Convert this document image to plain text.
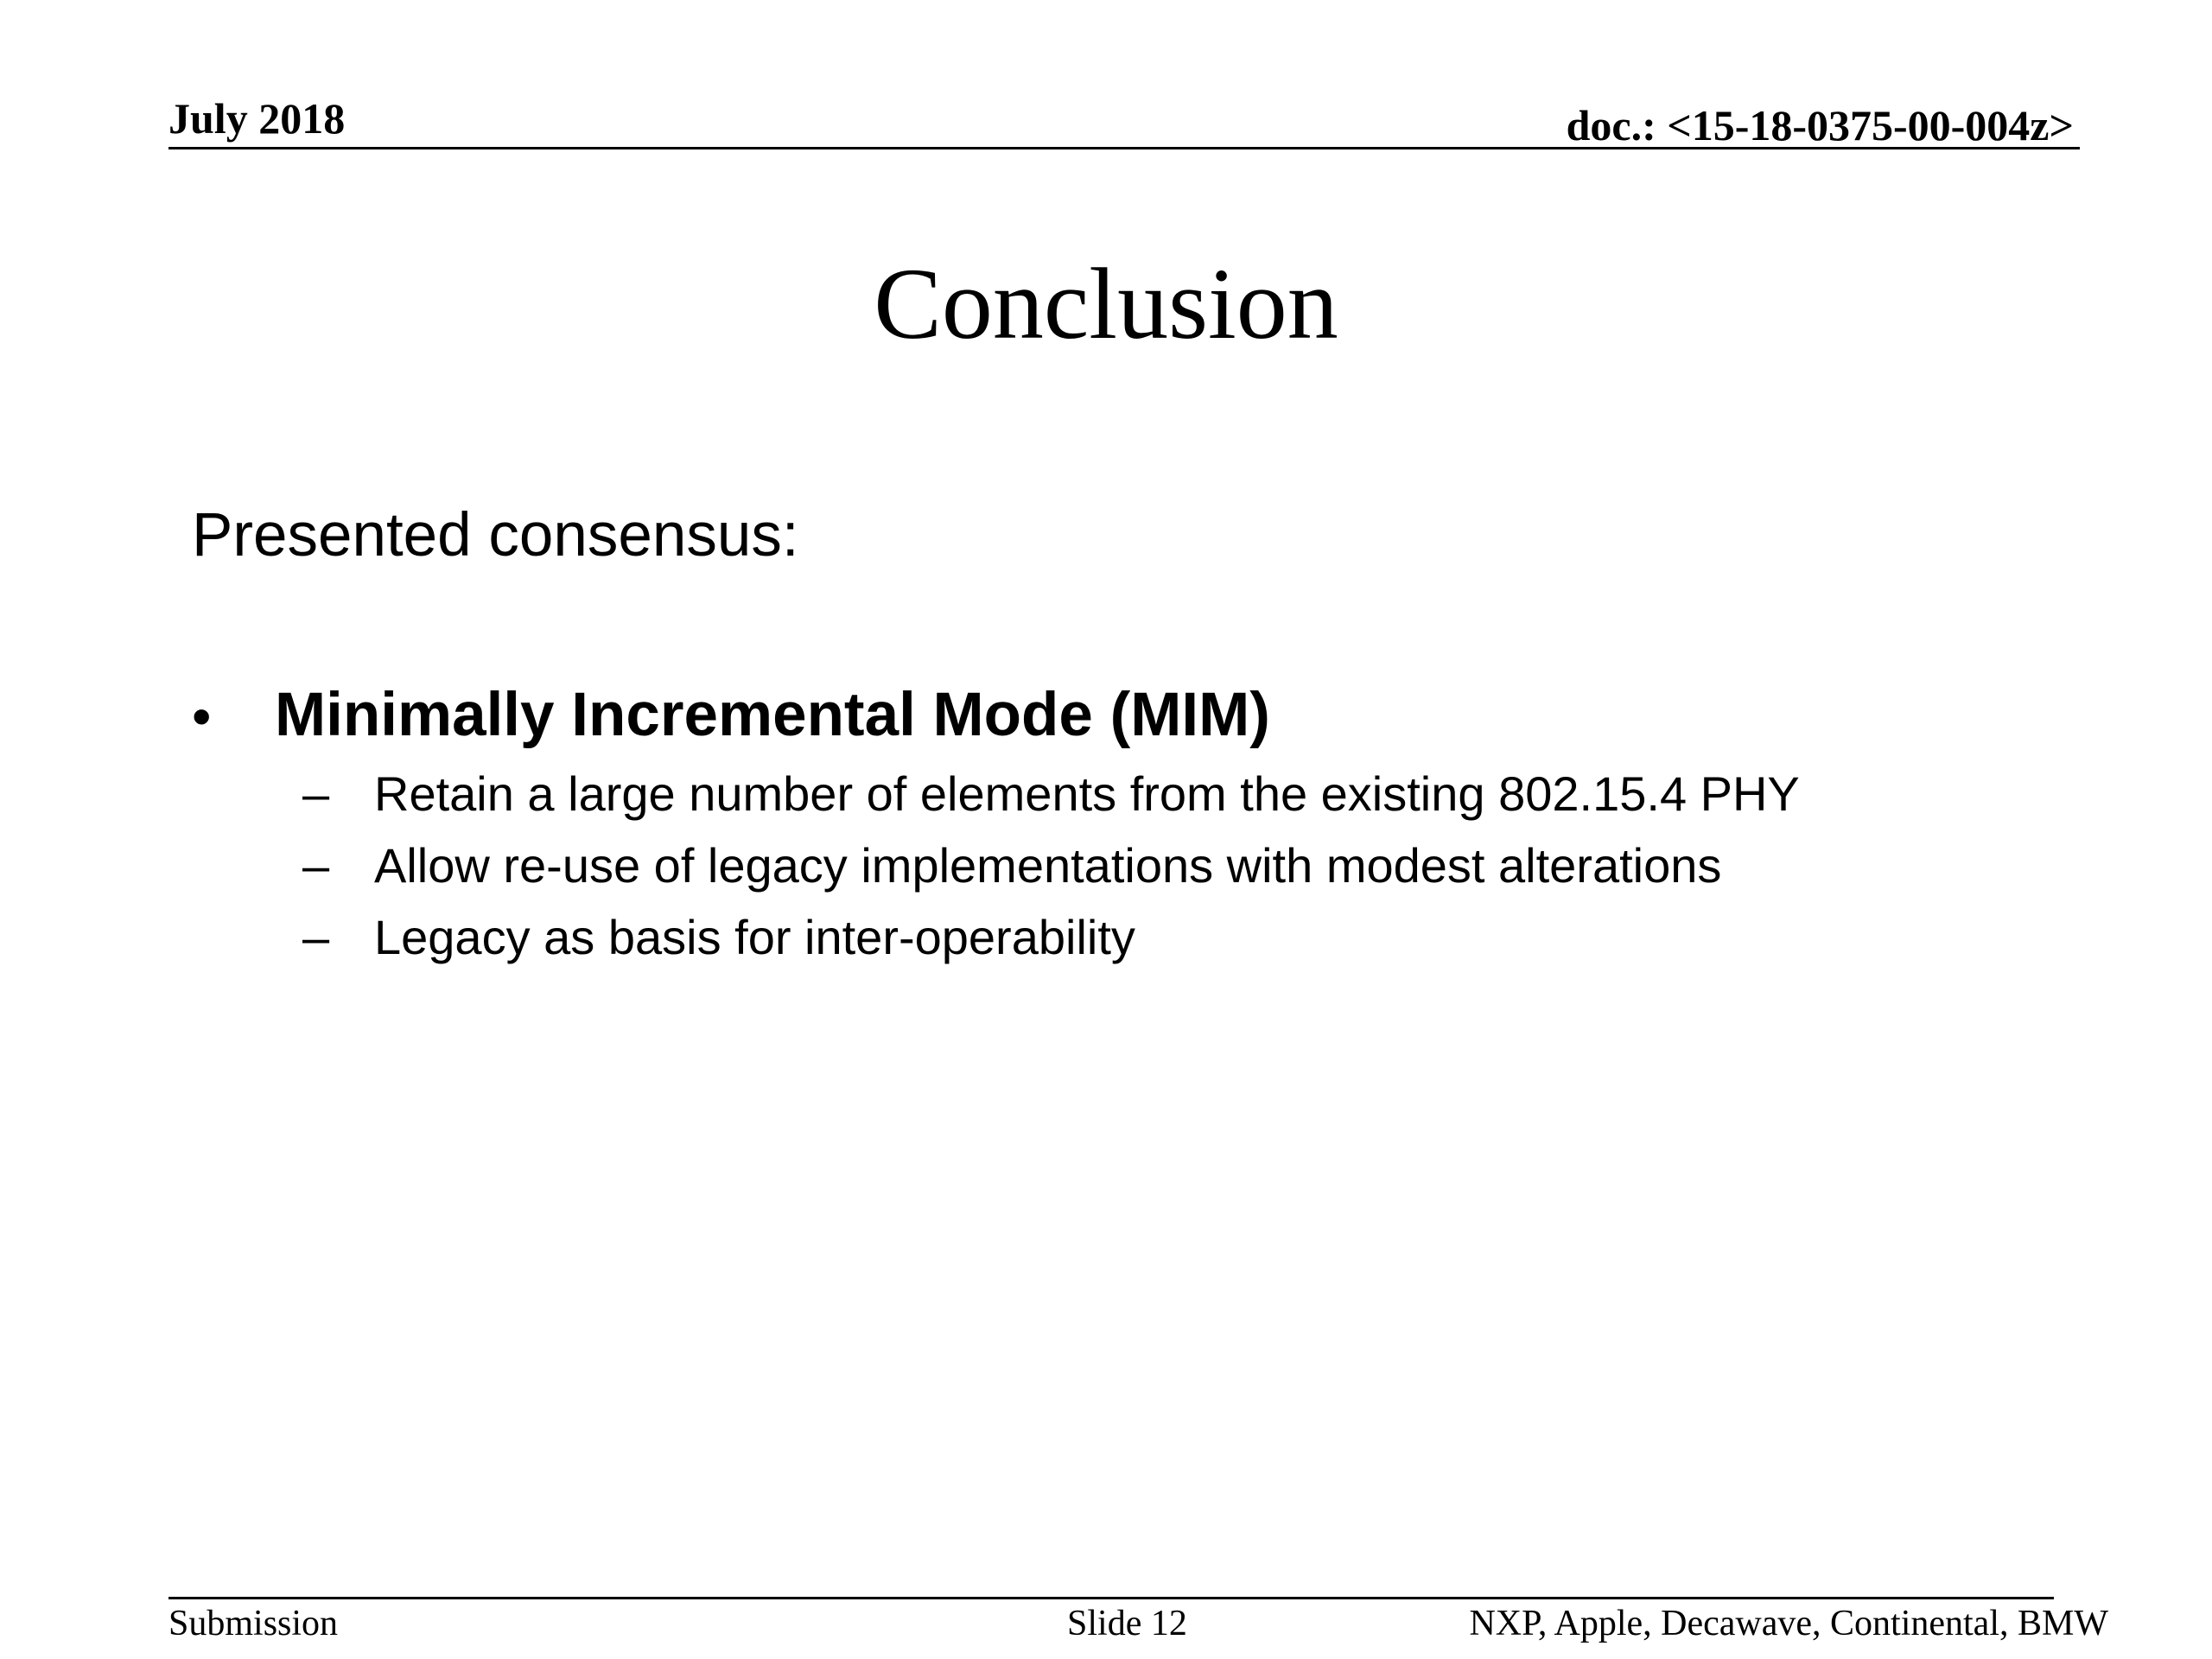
July 2018	doc.: <15-18-0375-00-004z>
Conclusion
Presented consensus:
• Minimally Incremental Mode (MIM)
– Retain a large number of elements from the existing 802.15.4 PHY
– Allow re-use of legacy implementations with modest alterations
– Legacy as basis for inter-operability
Submission	Slide 12	NXP, Apple, Decawave, Continental, BMW
